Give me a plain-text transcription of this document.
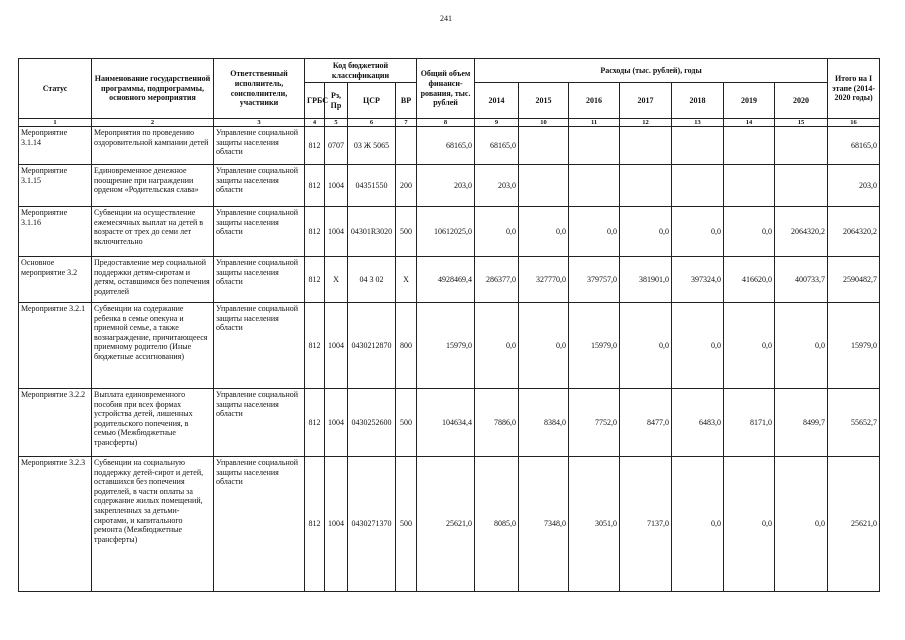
241
Статус	Наименование государственной программы, подпрограммы, основного мероприятия	Ответственный исполнитель, соисполнители, участники	Код бюджетной классификации				Общий объем финанси-рования, тыс. рублей	Расходы (тыс. рублей), годы							Итого на I этапе (2014-2020 годы)
			ГРБС	Рз, Пр	ЦСР	ВР		2014	2015	2016	2017	2018	2019	2020	
1	2	3	4	5	6	7	8	9	10	11	12	13	14	15	16
Мероприятие 3.1.14	Мероприятия по проведению оздоровительной кампании детей	Управление социальной защиты населения области	812	0707	03 Ж 5065		68165,0	68165,0							68165,0
Мероприятие 3.1.15	Единовременное денежное поощрение при награждении орденом «Родительская слава»	Управление социальной защиты населения области	812	1004	04351550	200	203,0	203,0							203,0
Мероприятие 3.1.16	Субвенции на осуществление ежемесячных выплат на детей в возрасте от трех до семи лет включительно	Управление социальной защиты населения области	812	1004	04301R3020	500	10612025,0	0,0	0,0	0,0	0,0	0,0	0,0	2064320,2	2064320,2
Основное мероприятие 3.2	Предоставление мер социальной поддержки детям-сиротам и детям, оставшимся без попечения родителей	Управление социальной защиты населения области	812	Х	04 3 02	Х	4928469,4	286377,0	327770,0	379757,0	381901,0	397324,0	416620,0	400733,7	2590482,7
Мероприятие 3.2.1	Субвенции на содержание ребенка в семье опекуна и приемной семье, а также вознаграждение, причитающееся приемному родителю (Иные бюджетные ассигнования)	Управление социальной защиты населения области	812	1004	0430212870	800	15979,0	0,0	0,0	15979,0	0,0	0,0	0,0	0,0	15979,0
Мероприятие 3.2.2	Выплата единовременного пособия при всех формах устройства детей, лишенных родительского попечения, в семью (Межбюджетные трансферты)	Управление социальной защиты населения области	812	1004	0430252600	500	104634,4	7886,0	8384,0	7752,0	8477,0	6483,0	8171,0	8499,7	55652,7
Мероприятие 3.2.3	Субвенции на социальную поддержку детей-сирот и детей, оставшихся без попечения родителей, в части оплаты за содержание жилых помещений, закрепленных за детьми-сиротами, и капитального ремонта (Межбюджетные трансферты)	Управление социальной защиты населения области	812	1004	0430271370	500	25621,0	8085,0	7348,0	3051,0	7137,0	0,0	0,0	0,0	25621,0
